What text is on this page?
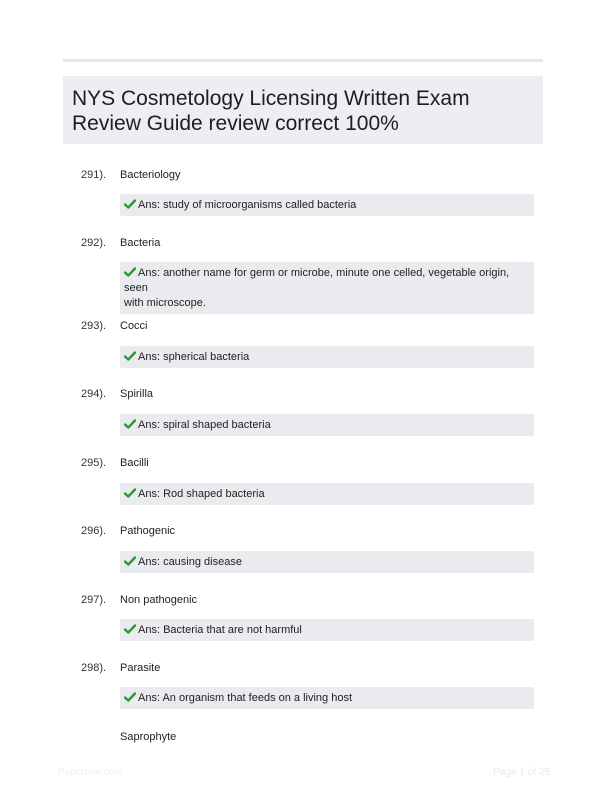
NYS Cosmetology Licensing Written Exam
Review Guide review correct 100%
291). Bacteriology
Ans: study of microorganisms called bacteria
292). Bacteria
Ans: another name for germ or microbe, minute one celled, vegetable origin, seen
with microscope.
293). Cocci
Ans: spherical bacteria
294). Spirilla
Ans: spiral shaped bacteria
295). Bacilli
Ans: Rod shaped bacteria
296). Pathogenic
Ans: causing disease
297). Non pathogenic
Ans: Bacteria that are not harmful
298). Parasite
Ans: An organism that feeds on a living host
Saprophyte
Paperbite.com	Page 1 of 25
